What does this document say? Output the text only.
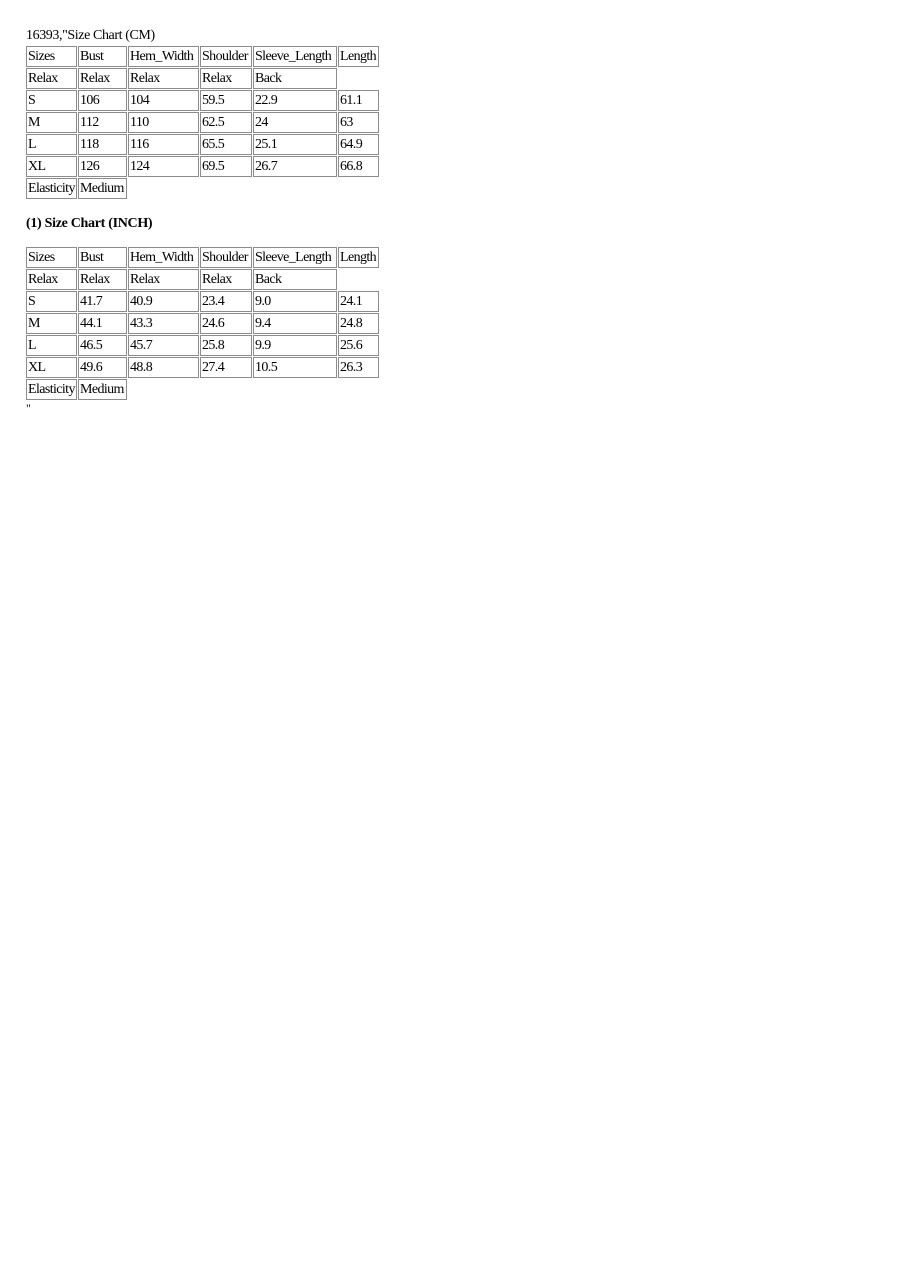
16393,"Size Chart (CM)
Sizes	Bust	Hem_Width	Shoulder	Sleeve_Length	Length
Relax	Relax	Relax	Relax	Back	
S	106	104	59.5	22.9	61.1
M	112	110	62.5	24	63
L	118	116	65.5	25.1	64.9
XL	126	124	69.5	26.7	66.8
Elasticity	Medium				
(1) Size Chart (INCH)
Sizes	Bust	Hem_Width	Shoulder	Sleeve_Length	Length
Relax	Relax	Relax	Relax	Back	
S	41.7	40.9	23.4	9.0	24.1
M	44.1	43.3	24.6	9.4	24.8
L	46.5	45.7	25.8	9.9	25.6
XL	49.6	48.8	27.4	10.5	26.3
Elasticity	Medium				
"
